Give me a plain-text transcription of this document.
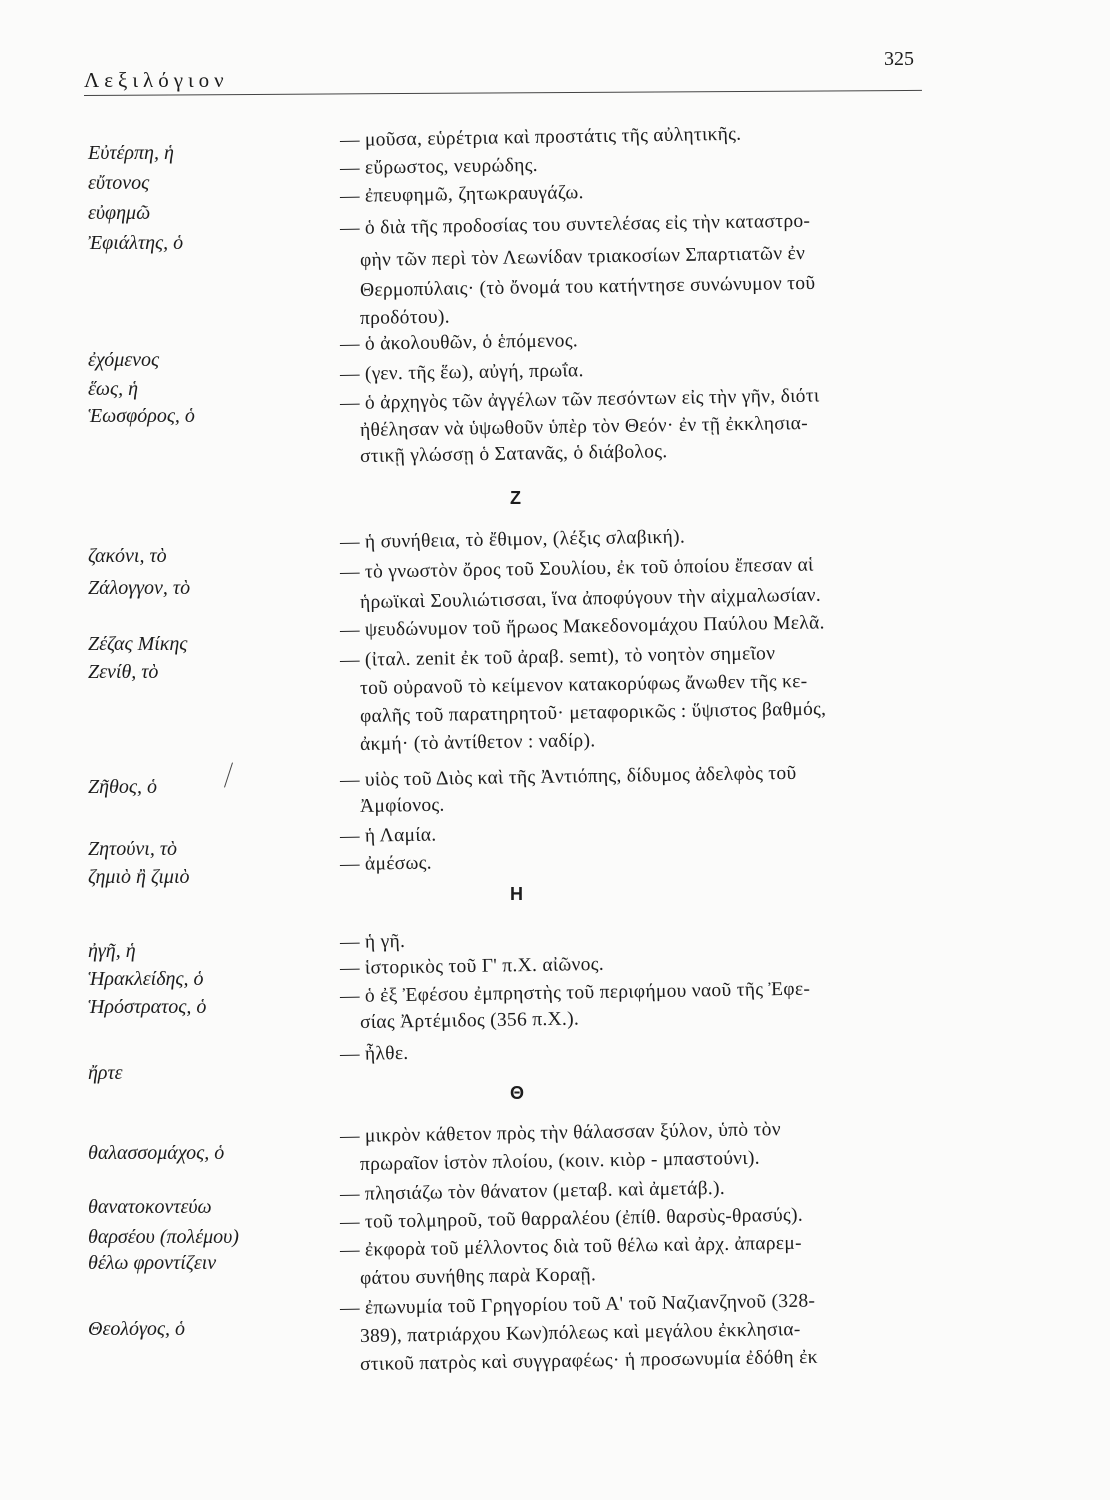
Λεξιλόγιον
325
Εὐτέρπη, ἡ
— μοῦσα, εὑρέτρια καὶ προστάτις τῆς αὐλητικῆς.
εὔτονος
— εὔρωστος, νευρώδης.
εὐφημῶ
— ἐπευφημῶ, ζητωκραυγάζω.
Ἐφιάλτης, ὁ
— ὁ διὰ τῆς προδοσίας του συντελέσας εἰς τὴν καταστρο-
φὴν τῶν περὶ τὸν Λεωνίδαν τριακοσίων Σπαρτιατῶν ἐν
Θερμοπύλαις· (τὸ ὄνομά του κατήντησε συνώνυμον τοῦ
προδότου).
ἐχόμενος
— ὁ ἀκολουθῶν, ὁ ἑπόμενος.
ἕως, ἡ
— (γεν. τῆς ἕω), αὐγή, πρωΐα.
Ἑωσφόρος, ὁ
— ὁ ἀρχηγὸς τῶν ἀγγέλων τῶν πεσόντων εἰς τὴν γῆν, διότι
ἠθέλησαν νὰ ὑψωθοῦν ὑπὲρ τὸν Θεόν· ἐν τῇ ἐκκλησια-
στικῇ γλώσσῃ ὁ Σατανᾶς, ὁ διάβολος.
Ζ
ζακόνι, τὸ
— ἡ συνήθεια, τὸ ἔθιμον, (λέξις σλαβική).
Ζάλογγον, τὸ
— τὸ γνωστὸν ὄρος τοῦ Σουλίου, ἐκ τοῦ ὁποίου ἔπεσαν αἱ
ἡρωϊκαὶ Σουλιώτισσαι, ἵνα ἀποφύγουν τὴν αἰχμαλωσίαν.
Ζέζας Μίκης
— ψευδώνυμον τοῦ ἥρωος Μακεδονομάχου Παύλου Μελᾶ.
Ζενίθ, τὸ
— (ἰταλ. zenit ἐκ τοῦ ἀραβ. semt), τὸ νοητὸν σημεῖον
τοῦ οὐρανοῦ τὸ κείμενον κατακορύφως ἄνωθεν τῆς κε-
φαλῆς τοῦ παρατηρητοῦ· μεταφορικῶς : ὕψιστος βαθμός,
ἀκμή· (τὸ ἀντίθετον : ναδίρ).
Ζῆθος, ὁ	— υἱὸς τοῦ Διὸς καὶ τῆς Ἀντιόπης, δίδυμος ἀδελφὸς τοῦ
Ἀμφίονος.
Ζητούνι, τὸ
— ἡ Λαμία.
ζημιὸ ἢ ζιμιὸ
— ἀμέσως.
Η
ἠγῆ, ἡ	— ἡ γῆ.
Ἡρακλείδης, ὁ
— ἱστορικὸς τοῦ Γ' π.Χ. αἰῶνος.
Ἡρόστρατος, ὁ
— ὁ ἐξ Ἐφέσου ἐμπρηστὴς τοῦ περιφήμου ναοῦ τῆς Ἐφε-
σίας Ἀρτέμιδος (356 π.Χ.).
ἤρτε
— ἦλθε.
Θ
θαλασσομάχος, ὁ
— μικρὸν κάθετον πρὸς τὴν θάλασσαν ξύλον, ὑπὸ τὸν
πρωραῖον ἱστὸν πλοίου, (κοιν. κιὸρ - μπαστούνι).
θανατοκοντεύω
— πλησιάζω τὸν θάνατον (μεταβ. καὶ ἀμετάβ.).
θαρσέου (πολέμου)
— τοῦ τολμηροῦ, τοῦ θαρραλέου (ἐπίθ. θαρσὺς-θρασύς).
θέλω φροντίζειν
— ἐκφορὰ τοῦ μέλλοντος διὰ τοῦ θέλω καὶ ἀρχ. ἀπαρεμ-
φάτου συνήθης παρὰ Κοραῇ.
Θεολόγος, ὁ
— ἐπωνυμία τοῦ Γρηγορίου τοῦ Α' τοῦ Ναζιανζηνοῦ (328-
389), πατριάρχου Κων)πόλεως καὶ μεγάλου ἐκκλησια-
στικοῦ πατρὸς καὶ συγγραφέως· ἡ προσωνυμία ἐδόθη ἐκ
